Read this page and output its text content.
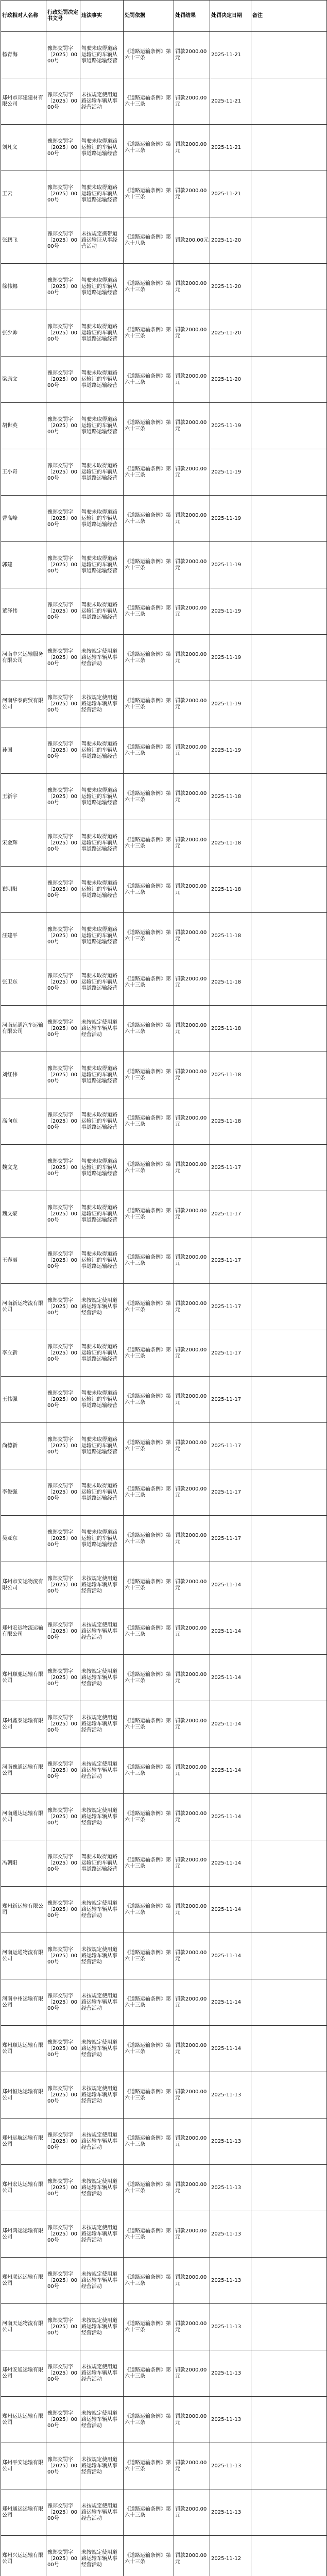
行政相对人名称	行政处罚决定书文号	违法事实	处罚依据	处罚结果	处罚决定日期	备注
杨青海	豫郑交罚字〔2025〕0000号	驾驶未取得道路运输证的车辆从事道路运输经营	《道路运输条例》第六十三条	罚款2000.00元	2025-11-21	
郑州市郑建建材有限公司	豫郑交罚字〔2025〕0000号	未按规定使用道路运输车辆从事经营活动	《道路运输条例》第六十三条	罚款2000.00元	2025-11-21	
刘凡义	豫郑交罚字〔2025〕0000号	驾驶未取得道路运输证的车辆从事道路运输经营	《道路运输条例》第六十三条	罚款2000.00元	2025-11-21	
王云	豫郑交罚字〔2025〕0000号	驾驶未取得道路运输证的车辆从事道路运输经营	《道路运输条例》第六十三条	罚款2000.00元	2025-11-21	
张鹏飞	豫郑交罚字〔2025〕0000号	未按规定携带道路运输证从事经营活动	《道路运输条例》第六十八条	罚款200.00元	2025-11-20	
徐伟娜	豫郑交罚字〔2025〕0000号	驾驶未取得道路运输证的车辆从事道路运输经营	《道路运输条例》第六十三条	罚款2000.00元	2025-11-20	
张少帅	豫郑交罚字〔2025〕0000号	驾驶未取得道路运输证的车辆从事道路运输经营	《道路运输条例》第六十三条	罚款2000.00元	2025-11-20	
梁康文	豫郑交罚字〔2025〕0000号	驾驶未取得道路运输证的车辆从事道路运输经营	《道路运输条例》第六十三条	罚款2000.00元	2025-11-20	
胡世英	豫郑交罚字〔2025〕0000号	驾驶未取得道路运输证的车辆从事道路运输经营	《道路运输条例》第六十三条	罚款2000.00元	2025-11-19	
王小奇	豫郑交罚字〔2025〕0000号	驾驶未取得道路运输证的车辆从事道路运输经营	《道路运输条例》第六十三条	罚款2000.00元	2025-11-19	
曹高峰	豫郑交罚字〔2025〕0000号	驾驶未取得道路运输证的车辆从事道路运输经营	《道路运输条例》第六十三条	罚款2000.00元	2025-11-19	
郭建	豫郑交罚字〔2025〕0000号	驾驶未取得道路运输证的车辆从事道路运输经营	《道路运输条例》第六十三条	罚款2000.00元	2025-11-19	
董泽伟	豫郑交罚字〔2025〕0000号	驾驶未取得道路运输证的车辆从事道路运输经营	《道路运输条例》第六十三条	罚款2000.00元	2025-11-19	
河南中兴运输服务有限公司	豫郑交罚字〔2025〕0000号	未按规定使用道路运输车辆从事经营活动	《道路运输条例》第六十三条	罚款2000.00元	2025-11-19	
河南华泰商贸有限公司	豫郑交罚字〔2025〕0000号	未按规定使用道路运输车辆从事经营活动	《道路运输条例》第六十三条	罚款2000.00元	2025-11-19	
孙国	豫郑交罚字〔2025〕0000号	驾驶未取得道路运输证的车辆从事道路运输经营	《道路运输条例》第六十三条	罚款2000.00元	2025-11-19	
王新宇	豫郑交罚字〔2025〕0000号	驾驶未取得道路运输证的车辆从事道路运输经营	《道路运输条例》第六十三条	罚款2000.00元	2025-11-18	
宋金辉	豫郑交罚字〔2025〕0000号	驾驶未取得道路运输证的车辆从事道路运输经营	《道路运输条例》第六十三条	罚款2000.00元	2025-11-18	
崔明阳	豫郑交罚字〔2025〕0000号	驾驶未取得道路运输证的车辆从事道路运输经营	《道路运输条例》第六十三条	罚款2000.00元	2025-11-18	
汪建平	豫郑交罚字〔2025〕0000号	驾驶未取得道路运输证的车辆从事道路运输经营	《道路运输条例》第六十三条	罚款2000.00元	2025-11-18	
张卫东	豫郑交罚字〔2025〕0000号	驾驶未取得道路运输证的车辆从事道路运输经营	《道路运输条例》第六十三条	罚款2000.00元	2025-11-18	
河南远通汽车运输有限公司	豫郑交罚字〔2025〕0000号	未按规定使用道路运输车辆从事经营活动	《道路运输条例》第六十三条	罚款2000.00元	2025-11-18	
刘红伟	豫郑交罚字〔2025〕0000号	驾驶未取得道路运输证的车辆从事道路运输经营	《道路运输条例》第六十三条	罚款2000.00元	2025-11-18	
高向东	豫郑交罚字〔2025〕0000号	驾驶未取得道路运输证的车辆从事道路运输经营	《道路运输条例》第六十三条	罚款2000.00元	2025-11-18	
魏文龙	豫郑交罚字〔2025〕0000号	驾驶未取得道路运输证的车辆从事道路运输经营	《道路运输条例》第六十三条	罚款2000.00元	2025-11-17	
魏文豪	豫郑交罚字〔2025〕0000号	驾驶未取得道路运输证的车辆从事道路运输经营	《道路运输条例》第六十三条	罚款2000.00元	2025-11-17	
王春丽	豫郑交罚字〔2025〕0000号	驾驶未取得道路运输证的车辆从事道路运输经营	《道路运输条例》第六十三条	罚款2000.00元	2025-11-17	
河南新运物流有限公司	豫郑交罚字〔2025〕0000号	未按规定使用道路运输车辆从事经营活动	《道路运输条例》第六十三条	罚款2000.00元	2025-11-17	
李立新	豫郑交罚字〔2025〕0000号	驾驶未取得道路运输证的车辆从事道路运输经营	《道路运输条例》第六十三条	罚款2000.00元	2025-11-17	
王伟强	豫郑交罚字〔2025〕0000号	驾驶未取得道路运输证的车辆从事道路运输经营	《道路运输条例》第六十三条	罚款2000.00元	2025-11-17	
尚德新	豫郑交罚字〔2025〕0000号	驾驶未取得道路运输证的车辆从事道路运输经营	《道路运输条例》第六十三条	罚款2000.00元	2025-11-17	
李俊强	豫郑交罚字〔2025〕0000号	驾驶未取得道路运输证的车辆从事道路运输经营	《道路运输条例》第六十三条	罚款2000.00元	2025-11-17	
吴亚东	豫郑交罚字〔2025〕0000号	驾驶未取得道路运输证的车辆从事道路运输经营	《道路运输条例》第六十三条	罚款2000.00元	2025-11-17	
郑州市安运物流有限公司	豫郑交罚字〔2025〕0000号	未按规定使用道路运输车辆从事经营活动	《道路运输条例》第六十三条	罚款2000.00元	2025-11-14	
郑州宏远物流运输有限公司	豫郑交罚字〔2025〕0000号	未按规定使用道路运输车辆从事经营活动	《道路运输条例》第六十三条	罚款2000.00元	2025-11-14	
郑州顺驰运输有限公司	豫郑交罚字〔2025〕0000号	未按规定使用道路运输车辆从事经营活动	《道路运输条例》第六十三条	罚款2000.00元	2025-11-14	
郑州鑫泰运输有限公司	豫郑交罚字〔2025〕0000号	未按规定使用道路运输车辆从事经营活动	《道路运输条例》第六十三条	罚款2000.00元	2025-11-14	
河南豫通运输有限公司	豫郑交罚字〔2025〕0000号	未按规定使用道路运输车辆从事经营活动	《道路运输条例》第六十三条	罚款2000.00元	2025-11-14	
河南通达运输有限公司	豫郑交罚字〔2025〕0000号	未按规定使用道路运输车辆从事经营活动	《道路运输条例》第六十三条	罚款2000.00元	2025-11-14	
冯朝阳	豫郑交罚字〔2025〕0000号	驾驶未取得道路运输证的车辆从事道路运输经营	《道路运输条例》第六十三条	罚款2000.00元	2025-11-14	
郑州新运输有限公司	豫郑交罚字〔2025〕0000号	未按规定使用道路运输车辆从事经营活动	《道路运输条例》第六十三条	罚款2000.00元	2025-11-14	
河南运通物流有限公司	豫郑交罚字〔2025〕0000号	未按规定使用道路运输车辆从事经营活动	《道路运输条例》第六十三条	罚款2000.00元	2025-11-14	
河南中州运输有限公司	豫郑交罚字〔2025〕0000号	未按规定使用道路运输车辆从事经营活动	《道路运输条例》第六十三条	罚款2000.00元	2025-11-14	
郑州顺达运输有限公司	豫郑交罚字〔2025〕0000号	未按规定使用道路运输车辆从事经营活动	《道路运输条例》第六十三条	罚款2000.00元	2025-11-14	
郑州恒达运输有限公司	豫郑交罚字〔2025〕0000号	未按规定使用道路运输车辆从事经营活动	《道路运输条例》第六十三条	罚款2000.00元	2025-11-13	
郑州远航运输有限公司	豫郑交罚字〔2025〕0000号	未按规定使用道路运输车辆从事经营活动	《道路运输条例》第六十三条	罚款2000.00元	2025-11-13	
郑州宏达运输有限公司	豫郑交罚字〔2025〕0000号	未按规定使用道路运输车辆从事经营活动	《道路运输条例》第六十三条	罚款2000.00元	2025-11-13	
郑州鸿运运输有限公司	豫郑交罚字〔2025〕0000号	未按规定使用道路运输车辆从事经营活动	《道路运输条例》第六十三条	罚款2000.00元	2025-11-13	
郑州联运运输有限公司	豫郑交罚字〔2025〕0000号	未按规定使用道路运输车辆从事经营活动	《道路运输条例》第六十三条	罚款2000.00元	2025-11-13	
河南天运物流有限公司	豫郑交罚字〔2025〕0000号	未按规定使用道路运输车辆从事经营活动	《道路运输条例》第六十三条	罚款2000.00元	2025-11-13	
郑州安通运输有限公司	豫郑交罚字〔2025〕0000号	未按规定使用道路运输车辆从事经营活动	《道路运输条例》第六十三条	罚款2000.00元	2025-11-13	
郑州运达运输有限公司	豫郑交罚字〔2025〕0000号	未按规定使用道路运输车辆从事经营活动	《道路运输条例》第六十三条	罚款2000.00元	2025-11-13	
郑州平安运输有限公司	豫郑交罚字〔2025〕0000号	未按规定使用道路运输车辆从事经营活动	《道路运输条例》第六十三条	罚款2000.00元	2025-11-13	
郑州通运运输有限公司	豫郑交罚字〔2025〕0000号	未按规定使用道路运输车辆从事经营活动	《道路运输条例》第六十三条	罚款2000.00元	2025-11-13	
郑州兴运运输有限公司	豫郑交罚字〔2025〕0000号	未按规定使用道路运输车辆从事经营活动	《道路运输条例》第六十三条	罚款2000.00元	2025-11-12	
